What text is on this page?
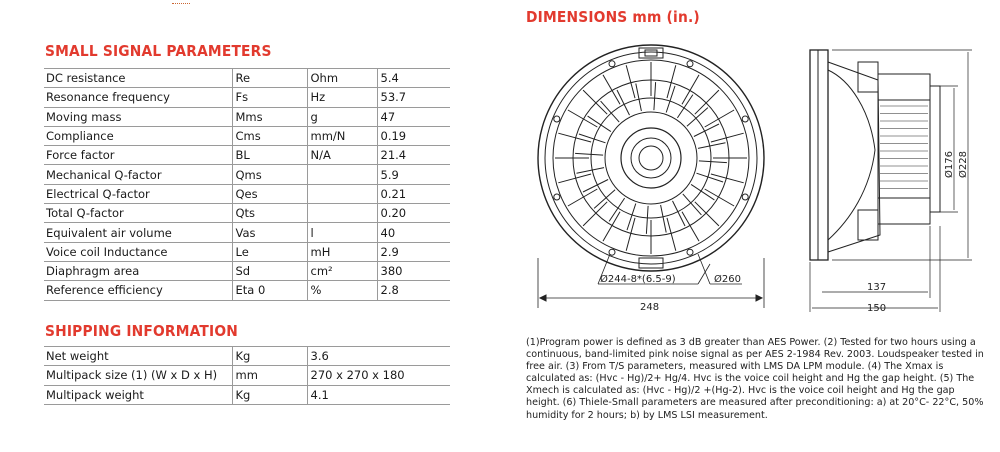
SMALL SIGNAL PARAMETERS
DC resistance	Re	Ohm	5.4
Resonance frequency	Fs	Hz	53.7
Moving mass	Mms	g	47
Compliance	Cms	mm/N	0.19
Force factor	BL	N/A	21.4
Mechanical Q-factor	Qms		5.9
Electrical Q-factor	Qes		0.21
Total Q-factor	Qts		0.20
Equivalent air volume	Vas	l	40
Voice coil Inductance	Le	mH	2.9
Diaphragm area	Sd	cm²	380
Reference efficiency	Eta 0	%	2.8
SHIPPING INFORMATION
Net weight	Kg	3.6
Multipack size (1) (W x D x H)	mm	270 x 270 x 180
Multipack weight	Kg	4.1
DIMENSIONS mm (in.)
Ø244-8*(6.5-9)	Ø260
248
137
150
Ø176 Ø228
(1)Program power is defined as 3 dB greater than AES Power. (2) Tested for two hours using a continuous, band-limited pink noise signal as per AES 2-1984 Rev. 2003. Loudspeaker tested in free air. (3) From T/S parameters, measured with LMS DA LPM module. (4) The Xmax is calculated as: (Hvc - Hg)/2+ Hg/4. Hvc is the voice coil height and Hg the gap height. (5) The Xmech is calculated as: (Hvc - Hg)/2 +(Hg-2). Hvc is the voice coil height and Hg the gap height. (6) Thiele-Small parameters are measured after preconditioning: a) at 20°C- 22°C, 50% humidity for 2 hours; b) by LMS LSI measurement.
